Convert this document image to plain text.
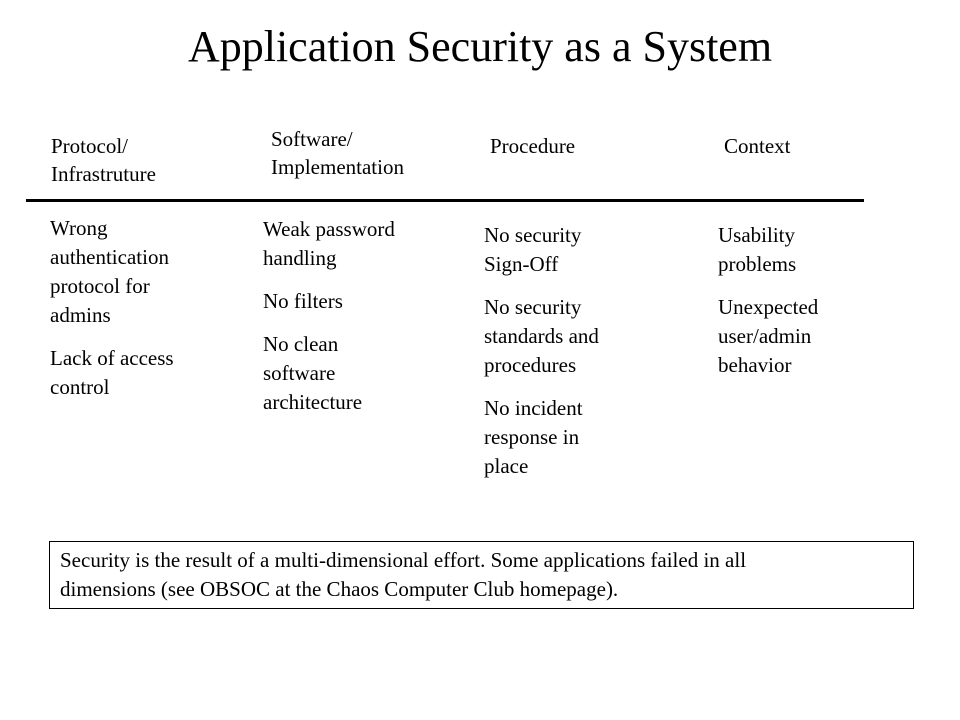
Application Security as a System
Protocol/
Infrastruture
Software/
Implementation
Procedure	Context
Wrong
authentication
protocol for
admins
Lack of access
control
Weak password
handling
No filters
No clean
software
architecture
No security
Sign-Off
No security
standards and
procedures
No incident
response in
place
Usability
problems
Unexpected
user/admin
behavior
Security is the result of a multi-dimensional effort. Some applications failed in all
dimensions (see OBSOC at the Chaos Computer Club homepage).
